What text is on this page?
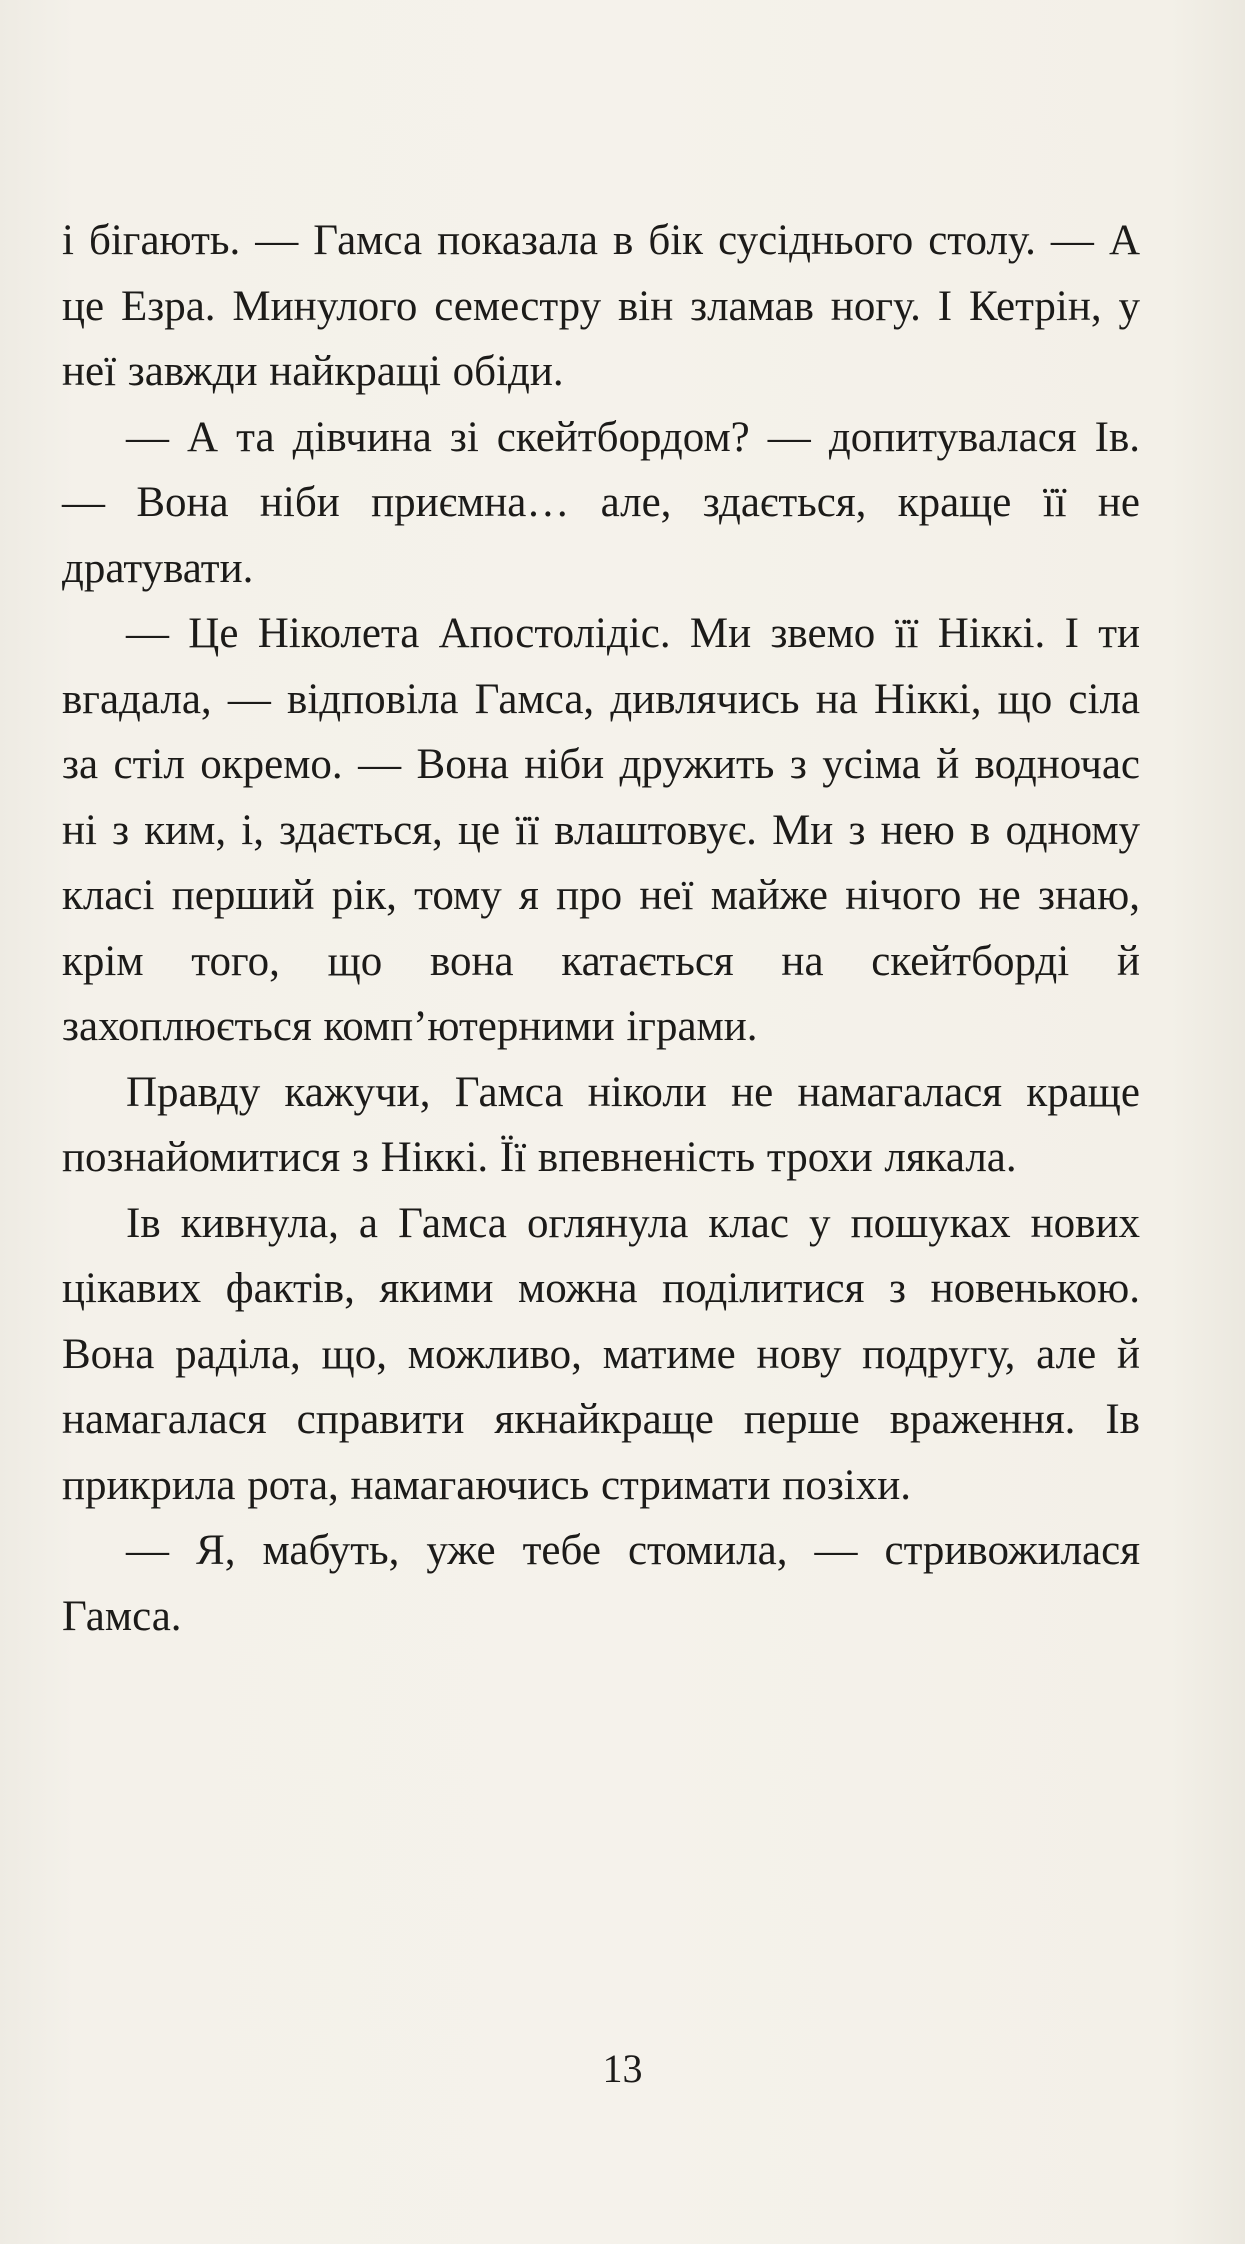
і бігають. — Гамса показала в бік сусіднього столу. — А це Езра. Минулого семестру він зламав ногу. І Кетрін, у неї завжди найкращі обіди.

— А та дівчина зі скейтбордом? — допитувалася Ів. — Вона ніби приємна… але, здається, краще її не дратувати.

— Це Ніколета Апостолідіс. Ми звемо її Ніккі. І ти вгадала, — відповіла Гамса, дивлячись на Ніккі, що сіла за стіл окремо. — Вона ніби дружить з усіма й водночас ні з ким, і, здається, це її влаштовує. Ми з нею в одному класі перший рік, тому я про неї майже нічого не знаю, крім того, що вона катається на скейтборді й захоплюється комп’ютерними іграми.

Правду кажучи, Гамса ніколи не намагалася краще познайомитися з Ніккі. Її впевненість трохи лякала.

Ів кивнула, а Гамса оглянула клас у пошуках нових цікавих фактів, якими можна поділитися з новенькою. Вона раділа, що, можливо, матиме нову подругу, але й намагалася справити якнайкраще перше враження. Ів прикрила рота, намагаючись стримати позіхи.

— Я, мабуть, уже тебе стомила, — стривожилася Гамса.

13
